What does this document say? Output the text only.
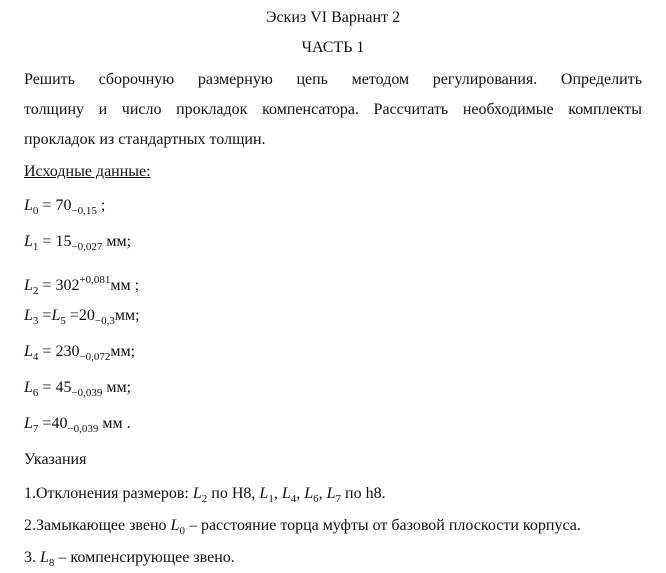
Эскиз VI Варнант 2
ЧАСТЬ 1
Решить сборочную размерную цепь методом регулирования. Определить
толщину и число прокладок компенсатора. Рассчитать необходимые комплекты
прокладок из стандартных толщин.
Исходные данные:
$L_0 = 70_{-0,15}$ ;
$L_1 = 15_{-0,027}$ мм;
$L_2 = 302^{+0,081}мм$ ;
$L_3 =L_5 =20_{-0,3}мм$;
$L_4 = 230_{-0,072}мм$;
$L_6 = 45_{-0,039}$ мм;
$L_7 =40_{-0,039}$ мм .
Указания
1.Отклонения размеров: $L_2$ по H8, $L_1$, $L_4$, $L_6$, $L_7$ по h8.
2.Замыкающее звено $L_0$ – расстояние торца муфты от базовой плоскости корпуса.
3. $L_8$ – компенсирующее звено.
